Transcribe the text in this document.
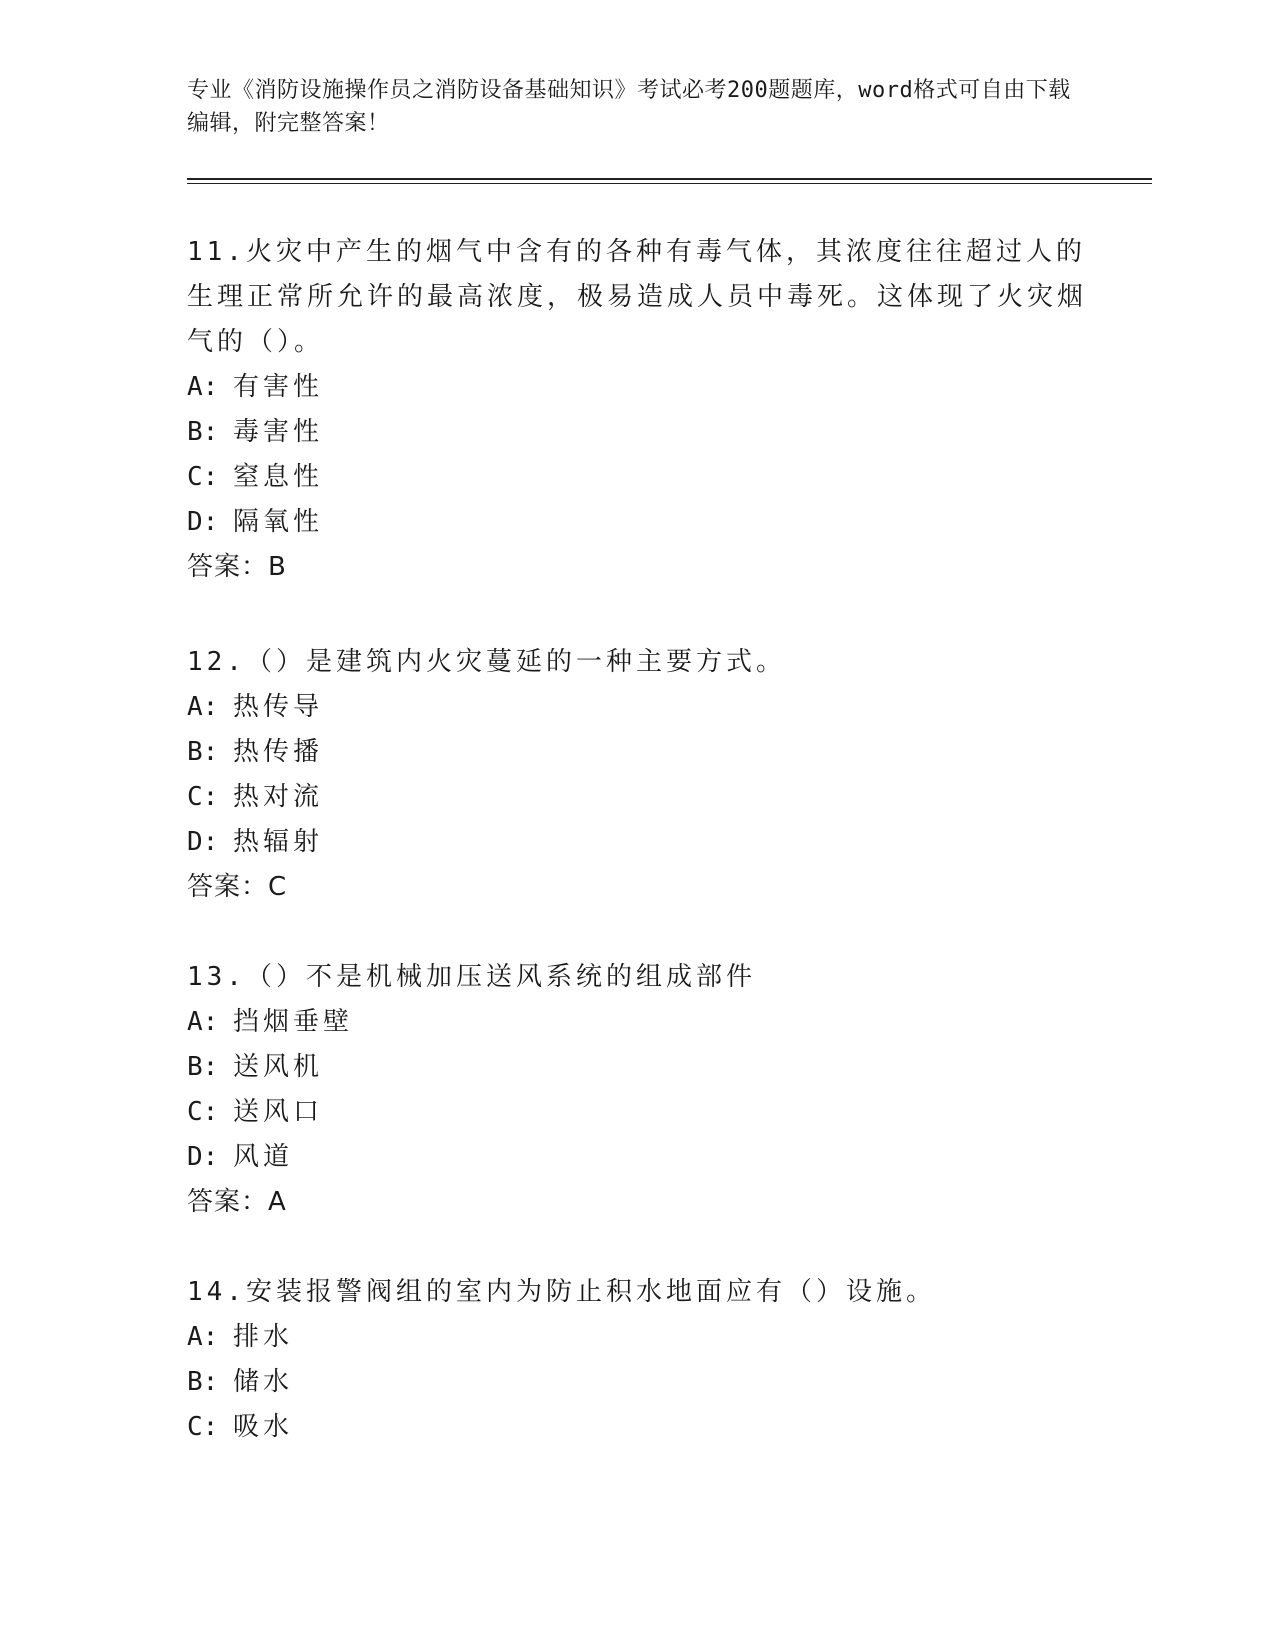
专业《消防设施操作员之消防设备基础知识》考试必考200题题库，word格式可自由下载编辑，附完整答案！
11.火灾中产生的烟气中含有的各种有毒气体，其浓度往往超过人的生理正常所允许的最高浓度，极易造成人员中毒死。这体现了火灾烟气的（）。
A: 有害性
B: 毒害性
C: 窒息性
D: 隔氧性
答案：B
12.（）是建筑内火灾蔓延的一种主要方式。
A: 热传导
B: 热传播
C: 热对流
D: 热辐射
答案：C
13.（）不是机械加压送风系统的组成部件
A: 挡烟垂壁
B: 送风机
C: 送风口
D: 风道
答案：A
14.安装报警阀组的室内为防止积水地面应有（）设施。
A: 排水
B: 储水
C: 吸水
